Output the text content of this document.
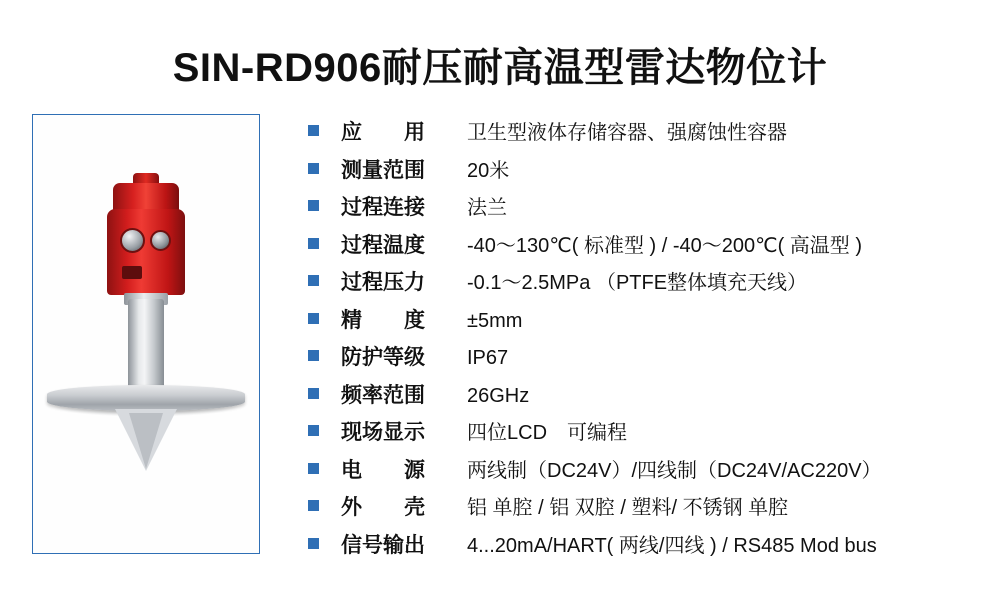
SIN-RD906耐压耐高温型雷达物位计
应　　用	卫生型液体存储容器、强腐蚀性容器
测量范围	20米
过程连接	法兰
过程温度	-40～130℃( 标准型 ) / -40～200℃( 高温型 )
过程压力	-0.1～2.5MPa （PTFE整体填充天线）
精　　度	±5mm
防护等级	IP67
频率范围	26GHz
现场显示	四位LCD　可编程
电　　源	两线制（DC24V）/四线制（DC24V/AC220V）
外　　壳	铝 单腔 / 铝 双腔 / 塑料/ 不锈钢 单腔
信号输出	4...20mA/HART( 两线/四线 ) / RS485 Mod bus
